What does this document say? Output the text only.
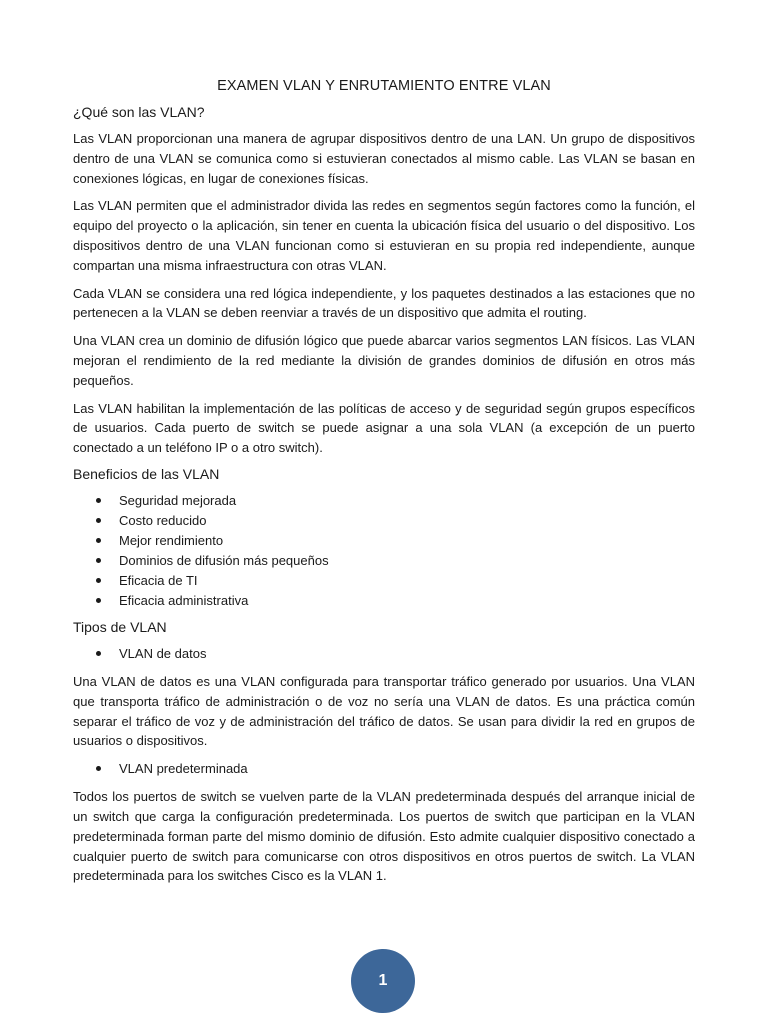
EXAMEN VLAN Y ENRUTAMIENTO ENTRE VLAN
¿Qué son las VLAN?

Las VLAN proporcionan una manera de agrupar dispositivos dentro de una LAN. Un grupo de dispositivos dentro de una VLAN se comunica como si estuvieran conectados al mismo cable. Las VLAN se basan en conexiones lógicas, en lugar de conexiones físicas.

Las VLAN permiten que el administrador divida las redes en segmentos según factores como la función, el equipo del proyecto o la aplicación, sin tener en cuenta la ubicación física del usuario o del dispositivo. Los dispositivos dentro de una VLAN funcionan como si estuvieran en su propia red independiente, aunque compartan una misma infraestructura con otras VLAN.

Cada VLAN se considera una red lógica independiente, y los paquetes destinados a las estaciones que no pertenecen a la VLAN se deben reenviar a través de un dispositivo que admita el routing.

Una VLAN crea un dominio de difusión lógico que puede abarcar varios segmentos LAN físicos. Las VLAN mejoran el rendimiento de la red mediante la división de grandes dominios de difusión en otros más pequeños.

Las VLAN habilitan la implementación de las políticas de acceso y de seguridad según grupos específicos de usuarios. Cada puerto de switch se puede asignar a una sola VLAN (a excepción de un puerto conectado a un teléfono IP o a otro switch).

Beneficios de las VLAN
Seguridad mejorada
Costo reducido
Mejor rendimiento
Dominios de difusión más pequeños
Eficacia de TI
Eficacia administrativa
Tipos de VLAN
VLAN de datos

Una VLAN de datos es una VLAN configurada para transportar tráfico generado por usuarios. Una VLAN que transporta tráfico de administración o de voz no sería una VLAN de datos. Es una práctica común separar el tráfico de voz y de administración del tráfico de datos. Se usan para dividir la red en grupos de usuarios o dispositivos.

VLAN predeterminada

Todos los puertos de switch se vuelven parte de la VLAN predeterminada después del arranque inicial de un switch que carga la configuración predeterminada. Los puertos de switch que participan en la VLAN predeterminada forman parte del mismo dominio de difusión. Esto admite cualquier dispositivo conectado a cualquier puerto de switch para comunicarse con otros dispositivos en otros puertos de switch. La VLAN predeterminada para los switches Cisco es la VLAN 1.

1
